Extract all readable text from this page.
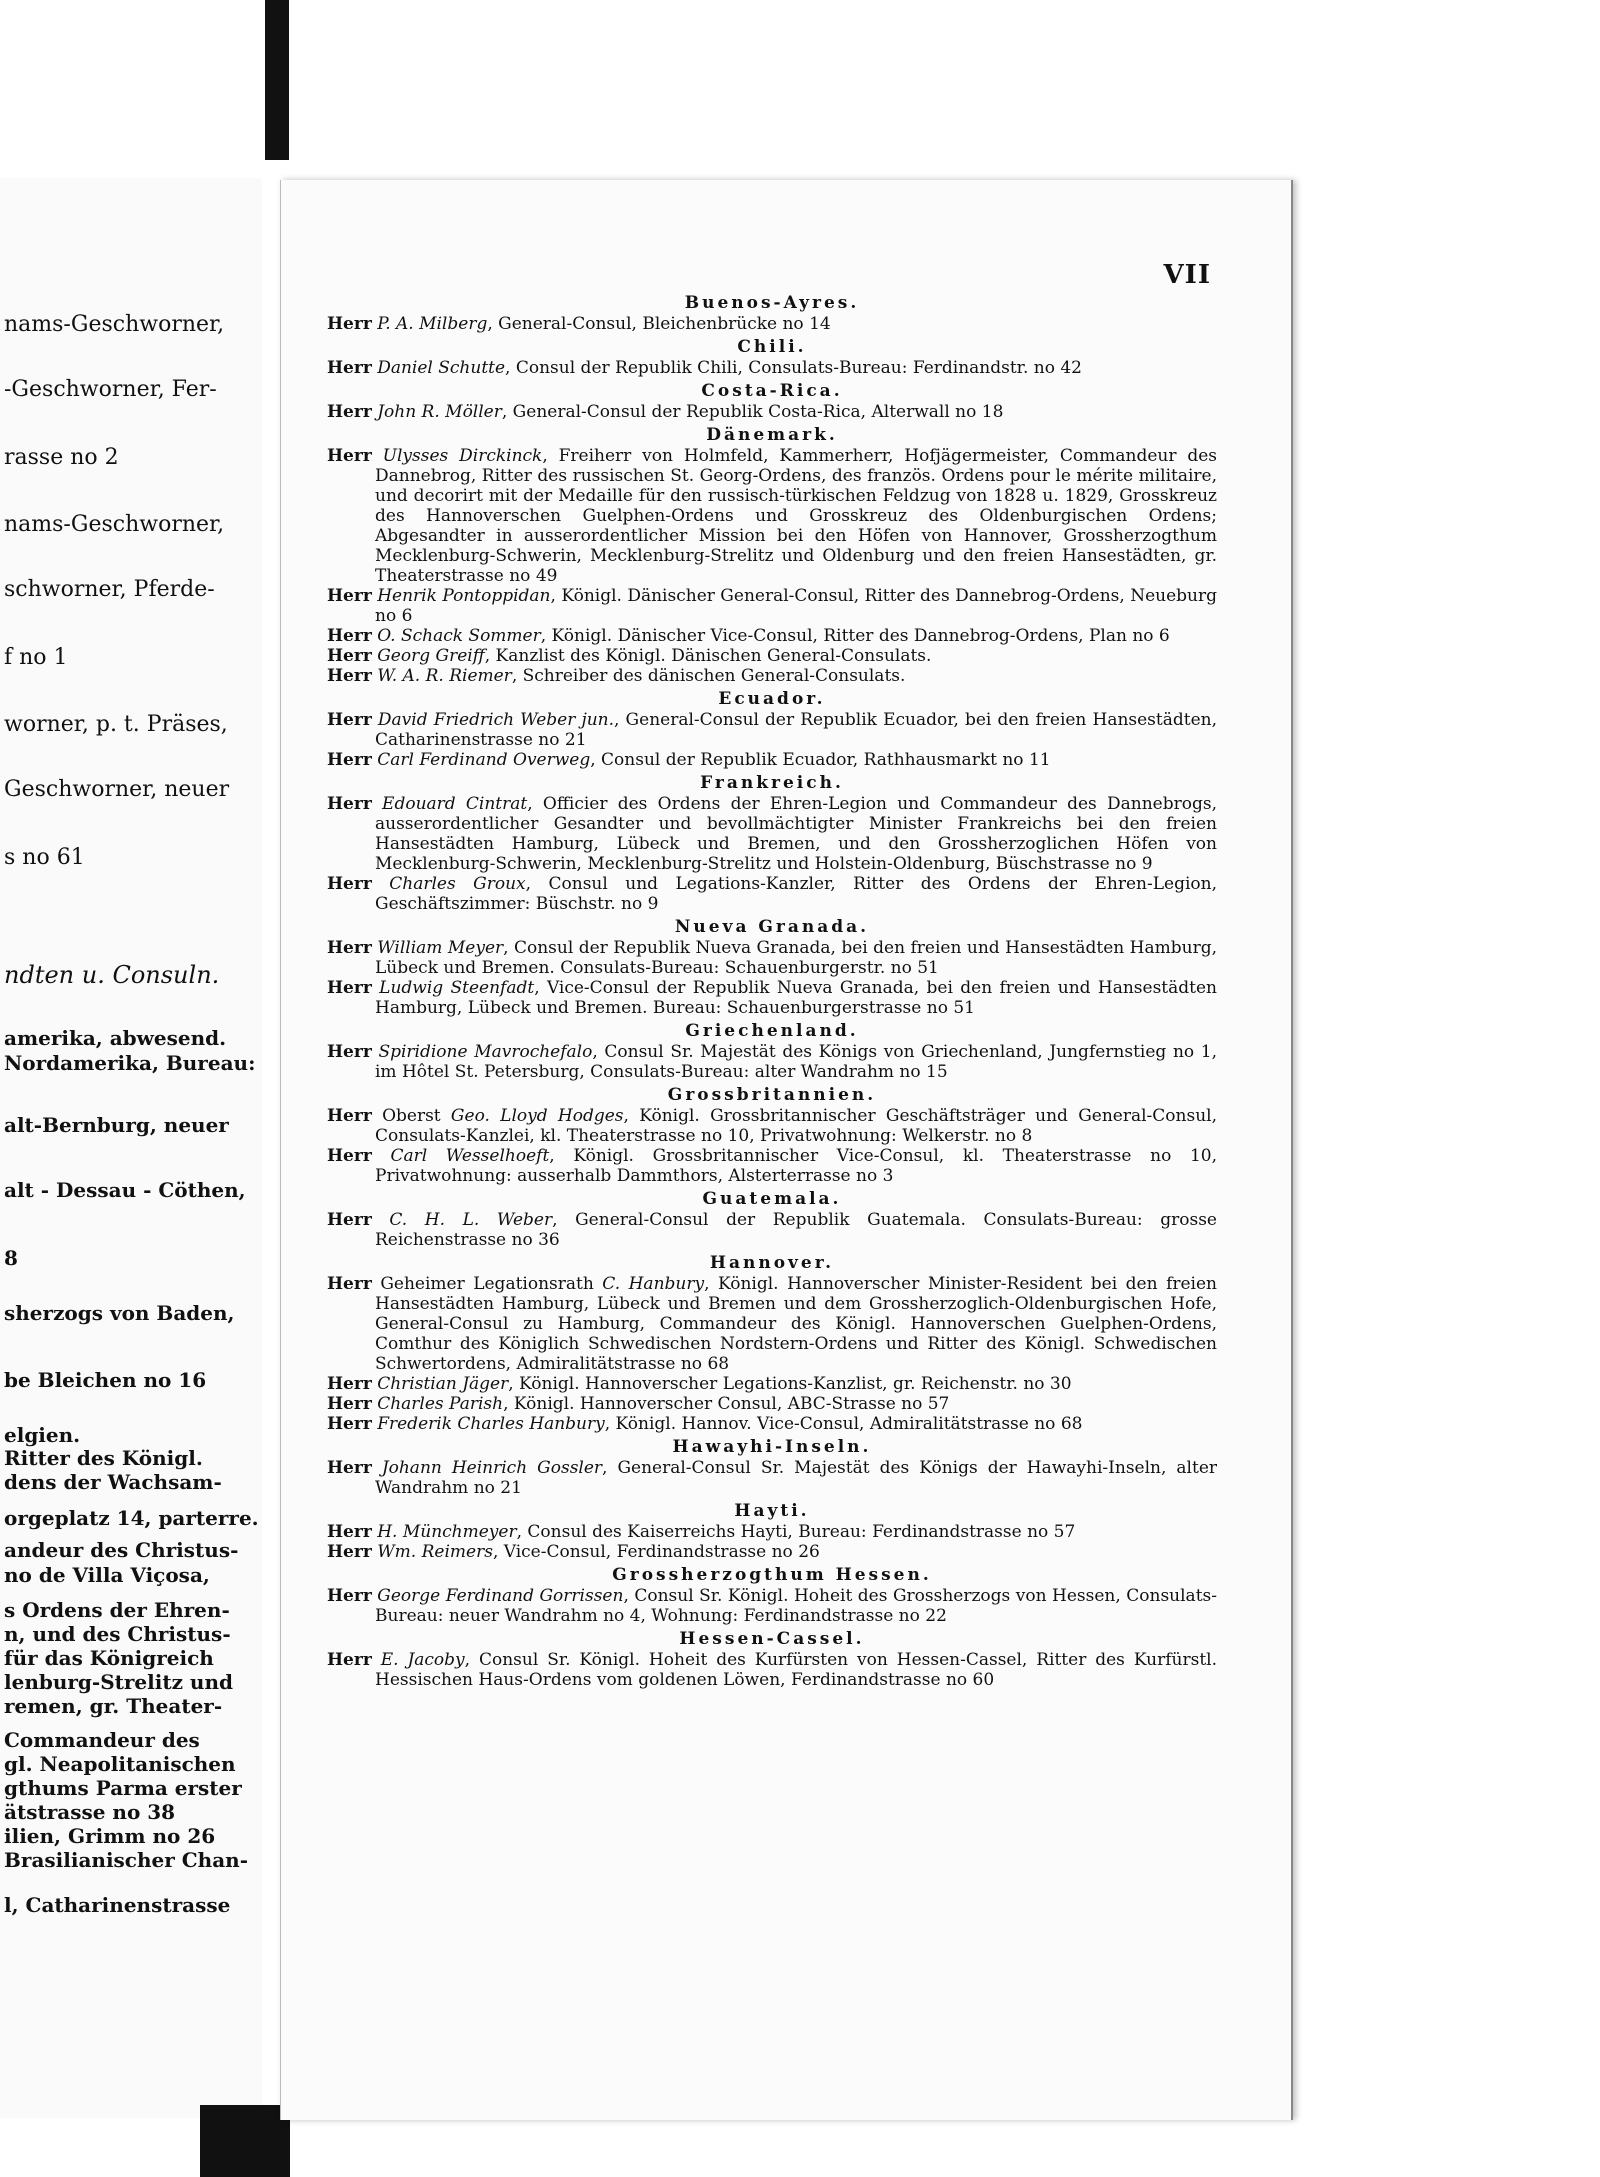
nams-Geschworner,
-Geschworner, Fer-
rasse no 2
nams-Geschworner,
schworner, Pferde-
f no 1
worner, p. t. Präses,
Geschworner, neuer
s no 61
ndten u. Consuln.
amerika, abwesend.
Nordamerika, Bureau:
alt-Bernburg, neuer
alt - Dessau - Cöthen,
8
sherzogs von Baden,
be Bleichen no 16
elgien.
Ritter des Königl.
dens der Wachsam-
orgeplatz 14, parterre.
andeur des Christus-
no de Villa Viçosa,
s Ordens der Ehren-
n, und des Christus-
für das Königreich
lenburg-Strelitz und
remen, gr. Theater-
Commandeur des
gl. Neapolitanischen
gthums Parma erster
ätstrasse no 38
ilien, Grimm no 26
Brasilianischer Chan-
l, Catharinenstrasse
VII
Buenos-Ayres.

Herr P. A. Milberg, General-Consul, Bleichenbrücke no 14

Chili.

Herr Daniel Schutte, Consul der Republik Chili, Consulats-Bureau: Ferdinandstr. no 42

Costa-Rica.

Herr John R. Möller, General-Consul der Republik Costa-Rica, Alterwall no 18

Dänemark.

Herr Ulysses Dirckinck, Freiherr von Holmfeld, Kammerherr, Hofjägermeister, Commandeur des Dannebrog, Ritter des russischen St. Georg-Ordens, des französ. Ordens pour le mérite militaire, und decorirt mit der Medaille für den russisch-türkischen Feldzug von 1828 u. 1829, Grosskreuz des Hannoverschen Guelphen-Ordens und Grosskreuz des Oldenburgischen Ordens; Abgesandter in ausserordentlicher Mission bei den Höfen von Hannover, Grossherzogthum Mecklenburg-Schwerin, Mecklenburg-Strelitz und Oldenburg und den freien Hansestädten, gr. Theaterstrasse no 49

Herr Henrik Pontoppidan, Königl. Dänischer General-Consul, Ritter des Dannebrog-Ordens, Neueburg no 6

Herr O. Schack Sommer, Königl. Dänischer Vice-Consul, Ritter des Dannebrog-Ordens, Plan no 6

Herr Georg Greiff, Kanzlist des Königl. Dänischen General-Consulats.

Herr W. A. R. Riemer, Schreiber des dänischen General-Consulats.

Ecuador.

Herr David Friedrich Weber jun., General-Consul der Republik Ecuador, bei den freien Hansestädten, Catharinenstrasse no 21

Herr Carl Ferdinand Overweg, Consul der Republik Ecuador, Rathhausmarkt no 11

Frankreich.

Herr Edouard Cintrat, Officier des Ordens der Ehren-Legion und Commandeur des Dannebrogs, ausserordentlicher Gesandter und bevollmächtigter Minister Frankreichs bei den freien Hansestädten Hamburg, Lübeck und Bremen, und den Grossherzoglichen Höfen von Mecklenburg-Schwerin, Mecklenburg-Strelitz und Holstein-Oldenburg, Büschstrasse no 9

Herr Charles Groux, Consul und Legations-Kanzler, Ritter des Ordens der Ehren-Legion, Geschäftszimmer: Büschstr. no 9

Nueva Granada.

Herr William Meyer, Consul der Republik Nueva Granada, bei den freien und Hansestädten Hamburg, Lübeck und Bremen. Consulats-Bureau: Schauenburgerstr. no 51

Herr Ludwig Steenfadt, Vice-Consul der Republik Nueva Granada, bei den freien und Hansestädten Hamburg, Lübeck und Bremen. Bureau: Schauenburgerstrasse no 51

Griechenland.

Herr Spiridione Mavrochefalo, Consul Sr. Majestät des Königs von Griechenland, Jungfernstieg no 1, im Hôtel St. Petersburg, Consulats-Bureau: alter Wandrahm no 15

Grossbritannien.

Herr Oberst Geo. Lloyd Hodges, Königl. Grossbritannischer Geschäftsträger und General-Consul, Consulats-Kanzlei, kl. Theaterstrasse no 10, Privatwohnung: Welkerstr. no 8

Herr Carl Wesselhoeft, Königl. Grossbritannischer Vice-Consul, kl. Theaterstrasse no 10, Privatwohnung: ausserhalb Dammthors, Alsterterrasse no 3

Guatemala.

Herr C. H. L. Weber, General-Consul der Republik Guatemala. Consulats-Bureau: grosse Reichenstrasse no 36

Hannover.

Herr Geheimer Legationsrath C. Hanbury, Königl. Hannoverscher Minister-Resident bei den freien Hansestädten Hamburg, Lübeck und Bremen und dem Grossherzoglich-Oldenburgischen Hofe, General-Consul zu Hamburg, Commandeur des Königl. Hannoverschen Guelphen-Ordens, Comthur des Königlich Schwedischen Nordstern-Ordens und Ritter des Königl. Schwedischen Schwertordens, Admiralitätstrasse no 68

Herr Christian Jäger, Königl. Hannoverscher Legations-Kanzlist, gr. Reichenstr. no 30

Herr Charles Parish, Königl. Hannoverscher Consul, ABC-Strasse no 57

Herr Frederik Charles Hanbury, Königl. Hannov. Vice-Consul, Admiralitätstrasse no 68

Hawayhi-Inseln.

Herr Johann Heinrich Gossler, General-Consul Sr. Majestät des Königs der Hawayhi-Inseln, alter Wandrahm no 21

Hayti.

Herr H. Münchmeyer, Consul des Kaiserreichs Hayti, Bureau: Ferdinandstrasse no 57

Herr Wm. Reimers, Vice-Consul, Ferdinandstrasse no 26

Grossherzogthum Hessen.

Herr George Ferdinand Gorrissen, Consul Sr. Königl. Hoheit des Grossherzogs von Hessen, Consulats-Bureau: neuer Wandrahm no 4, Wohnung: Ferdinandstrasse no 22

Hessen-Cassel.

Herr E. Jacoby, Consul Sr. Königl. Hoheit des Kurfürsten von Hessen-Cassel, Ritter des Kurfürstl. Hessischen Haus-Ordens vom goldenen Löwen, Ferdinandstrasse no 60
